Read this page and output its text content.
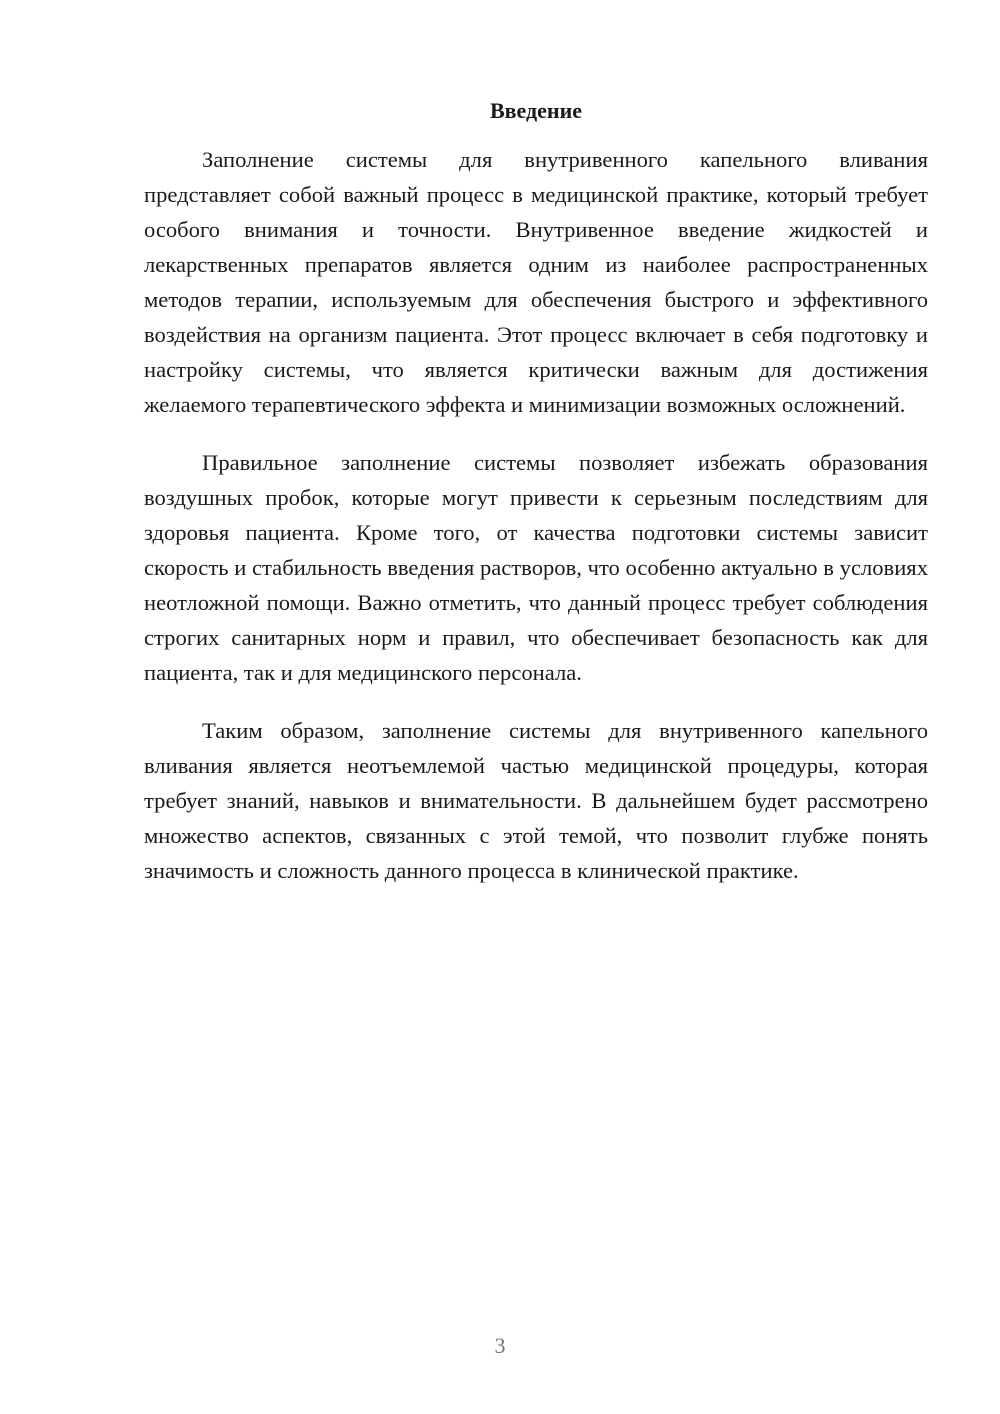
Введение

Заполнение системы для внутривенного капельного вливания представляет собой важный процесс в медицинской практике, который требует особого внимания и точности. Внутривенное введение жидкостей и лекарственных препаратов является одним из наиболее распространенных методов терапии, используемым для обеспечения быстрого и эффективного воздействия на организм пациента. Этот процесс включает в себя подготовку и настройку системы, что является критически важным для достижения желаемого терапевтического эффекта и минимизации возможных осложнений.

Правильное заполнение системы позволяет избежать образования воздушных пробок, которые могут привести к серьезным последствиям для здоровья пациента. Кроме того, от качества подготовки системы зависит скорость и стабильность введения растворов, что особенно актуально в условиях неотложной помощи. Важно отметить, что данный процесс требует соблюдения строгих санитарных норм и правил, что обеспечивает безопасность как для пациента, так и для медицинского персонала.

Таким образом, заполнение системы для внутривенного капельного вливания является неотъемлемой частью медицинской процедуры, которая требует знаний, навыков и внимательности. В дальнейшем будет рассмотрено множество аспектов, связанных с этой темой, что позволит глубже понять значимость и сложность данного процесса в клинической практике.

3
